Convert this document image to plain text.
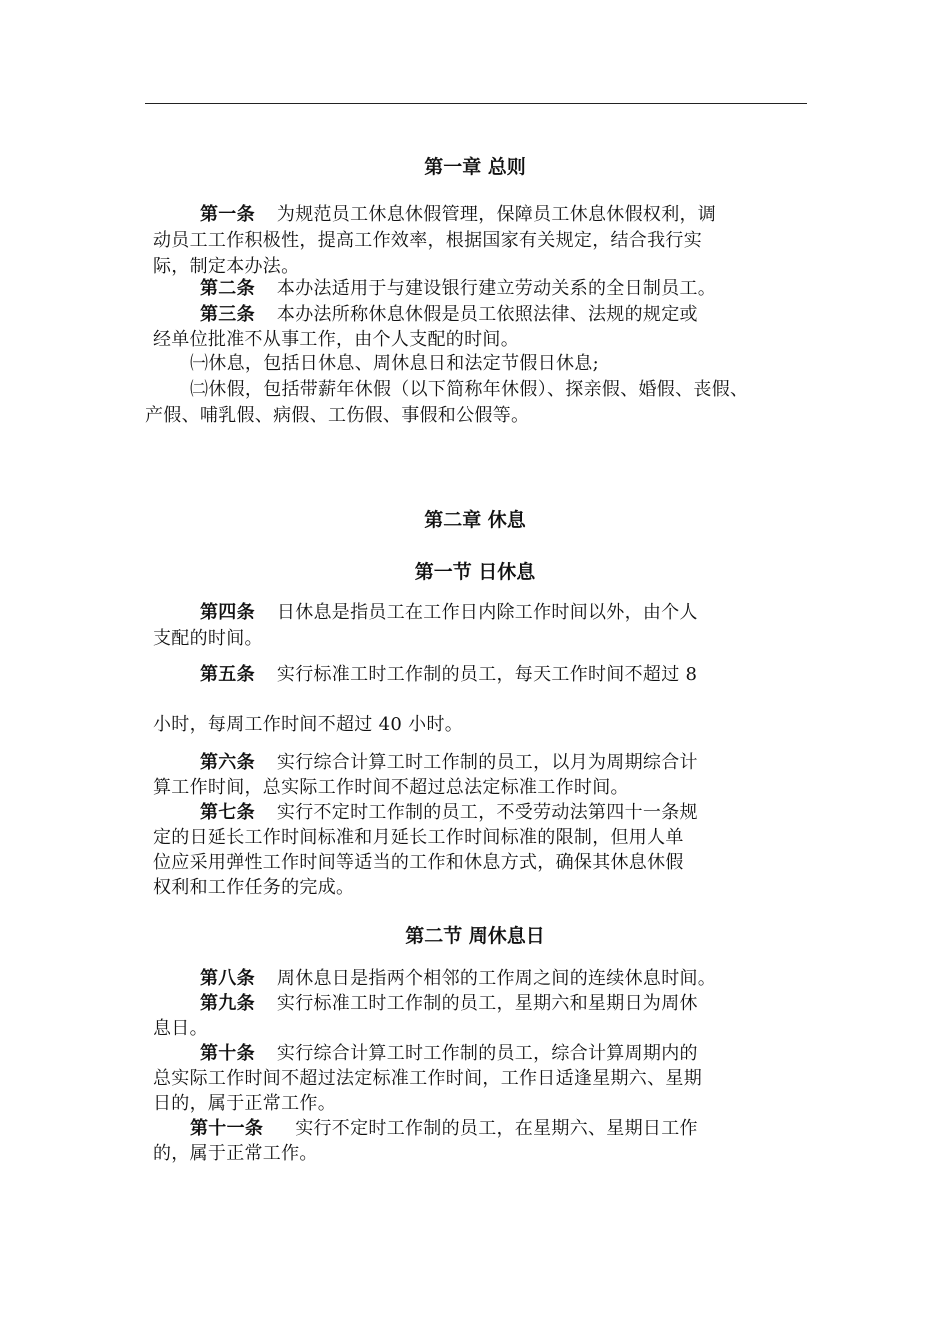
第一章 总则
第一条 为规范员工休息休假管理，保障员工休息休假权利，调
动员工工作积极性，提高工作效率，根据国家有关规定，结合我行实
际，制定本办法。
第二条 本办法适用于与建设银行建立劳动关系的全日制员工。
第三条 本办法所称休息休假是员工依照法律、法规的规定或
经单位批准不从事工作，由个人支配的时间。
㈠休息，包括日休息、周休息日和法定节假日休息;
㈡休假，包括带薪年休假（以下简称年休假）、探亲假、婚假、丧假、
产假、哺乳假、病假、工伤假、事假和公假等。
第二章 休息
第一节 日休息
第四条 日休息是指员工在工作日内除工作时间以外，由个人
支配的时间。
第五条 实行标准工时工作制的员工，每天工作时间不超过 8
小时，每周工作时间不超过 40 小时。
第六条 实行综合计算工时工作制的员工，以月为周期综合计
算工作时间，总实际工作时间不超过总法定标准工作时间。
第七条 实行不定时工作制的员工，不受劳动法第四十一条规
定的日延长工作时间标准和月延长工作时间标准的限制，但用人单
位应采用弹性工作时间等适当的工作和休息方式，确保其休息休假
权利和工作任务的完成。
第二节 周休息日
第八条 周休息日是指两个相邻的工作周之间的连续休息时间。
第九条 实行标准工时工作制的员工，星期六和星期日为周休
息日。
第十条 实行综合计算工时工作制的员工，综合计算周期内的
总实际工作时间不超过法定标准工作时间，工作日适逢星期六、星期
日的，属于正常工作。
第十一条 实行不定时工作制的员工，在星期六、星期日工作
的，属于正常工作。
